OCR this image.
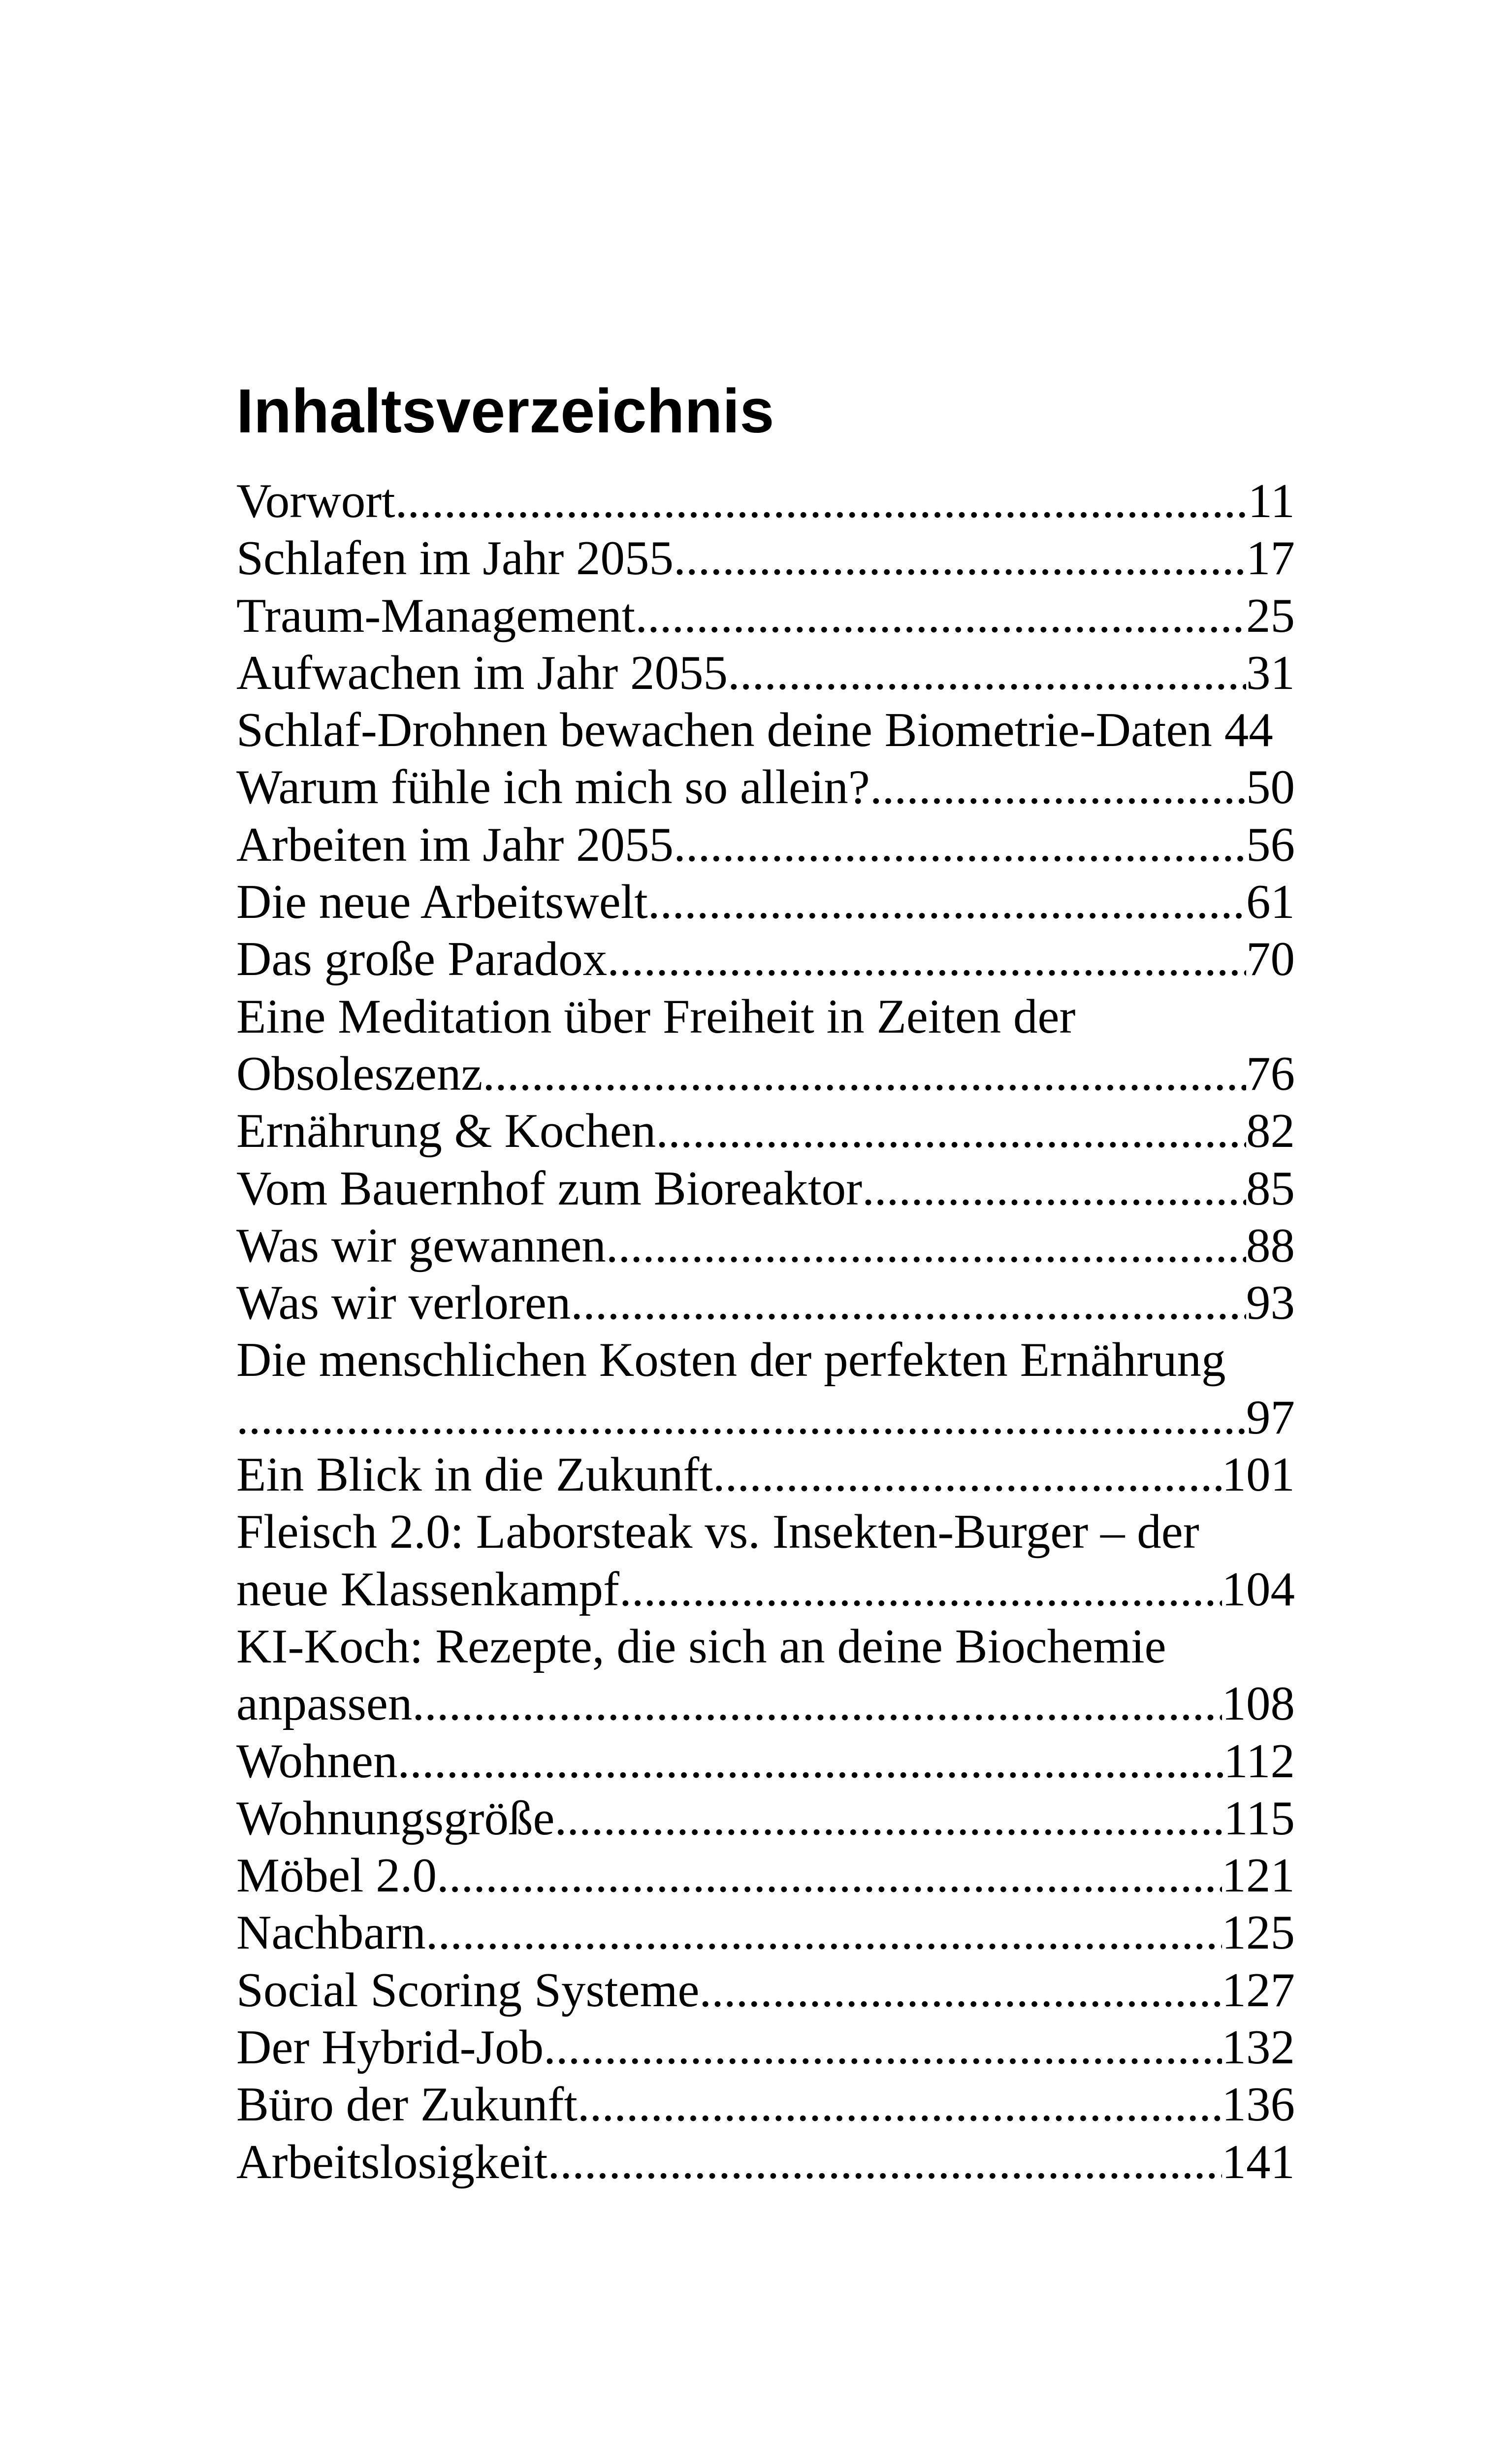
Inhaltsverzeichnis
Vorwort .....	11
Schlafen im Jahr 2055 .....	17
Traum-Management .....	25
Aufwachen im Jahr 2055 .....	31
Schlaf-Drohnen bewachen deine Biometrie-Daten 44
Warum fühle ich mich so allein? .....	50
Arbeiten im Jahr 2055 .....	56
Die neue Arbeitswelt .....	61
Das große Paradox .....	70
Eine Meditation über Freiheit in Zeiten der
Obsoleszenz .....	76
Ernährung & Kochen .....	82
Vom Bauernhof zum Bioreaktor .....	85
Was wir gewannen .....	88
Was wir verloren .....	93
Die menschlichen Kosten der perfekten Ernährung
.....
97
Ein Blick in die Zukunft .....	101
Fleisch 2.0: Laborsteak vs. Insekten-Burger – der
neue Klassenkampf .....	104
KI-Koch: Rezepte, die sich an deine Biochemie
anpassen .....	108
Wohnen .....	112
Wohnungsgröße .....	115
Möbel 2.0 .....	121
Nachbarn .....	125
Social Scoring Systeme .....	127
Der Hybrid-Job .....	132
Büro der Zukunft .....	136
Arbeitslosigkeit .....	141
